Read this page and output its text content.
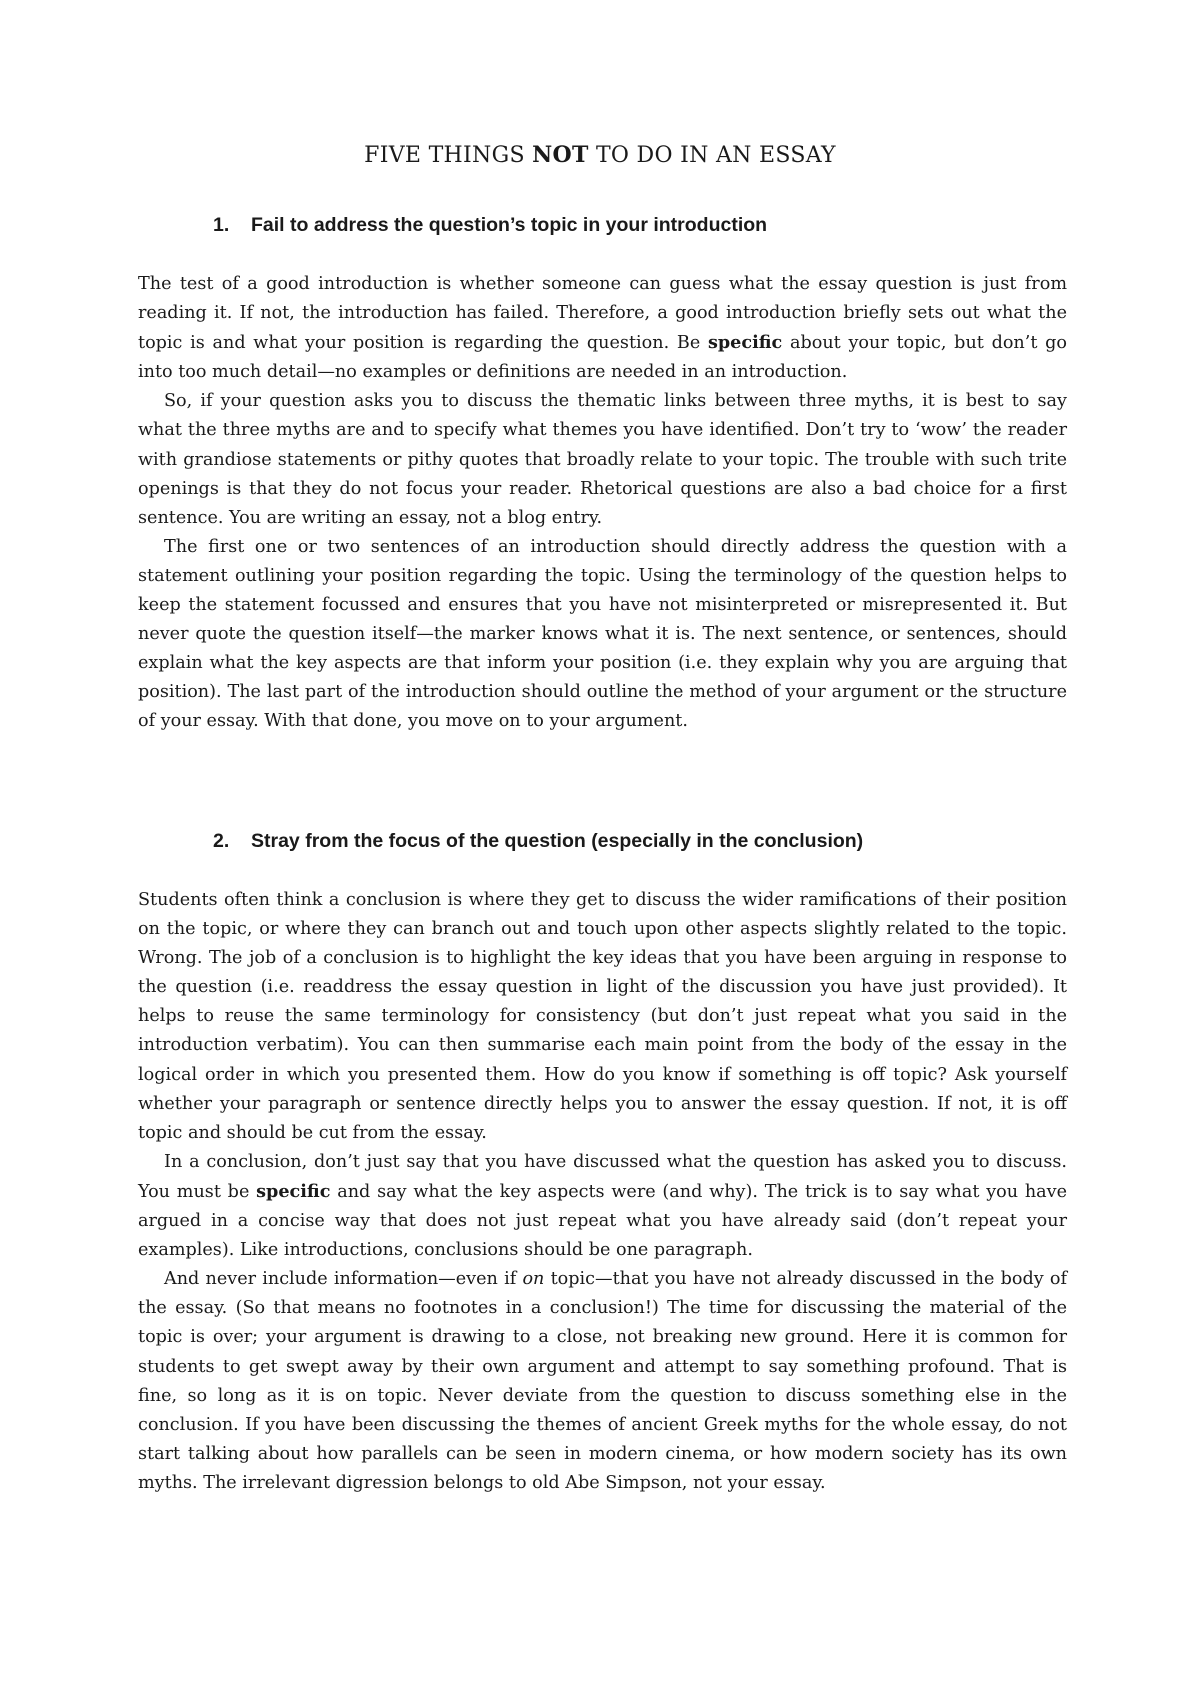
FIVE THINGS NOT TO DO IN AN ESSAY
1. Fail to address the question’s topic in your introduction

The test of a good introduction is whether someone can guess what the essay question is just from reading it. If not, the introduction has failed. Therefore, a good introduction briefly sets out what the topic is and what your position is regarding the question. Be specific about your topic, but don’t go into too much detail—no examples or definitions are needed in an introduction.

So, if your question asks you to discuss the thematic links between three myths, it is best to say what the three myths are and to specify what themes you have identified. Don’t try to ‘wow’ the reader with grandiose statements or pithy quotes that broadly relate to your topic. The trouble with such trite openings is that they do not focus your reader. Rhetorical questions are also a bad choice for a first sentence. You are writing an essay, not a blog entry.

The first one or two sentences of an introduction should directly address the question with a statement outlining your position regarding the topic. Using the terminology of the question helps to keep the statement focussed and ensures that you have not misinterpreted or misrepresented it. But never quote the question itself—the marker knows what it is. The next sentence, or sentences, should explain what the key aspects are that inform your position (i.e. they explain why you are arguing that position). The last part of the introduction should outline the method of your argument or the structure of your essay. With that done, you move on to your argument.

2. Stray from the focus of the question (especially in the conclusion)

Students often think a conclusion is where they get to discuss the wider ramifications of their position on the topic, or where they can branch out and touch upon other aspects slightly related to the topic. Wrong. The job of a conclusion is to highlight the key ideas that you have been arguing in response to the question (i.e. readdress the essay question in light of the discussion you have just provided). It helps to reuse the same terminology for consistency (but don’t just repeat what you said in the introduction verbatim). You can then summarise each main point from the body of the essay in the logical order in which you presented them. How do you know if something is off topic? Ask yourself whether your paragraph or sentence directly helps you to answer the essay question. If not, it is off topic and should be cut from the essay.

In a conclusion, don’t just say that you have discussed what the question has asked you to discuss. You must be specific and say what the key aspects were (and why). The trick is to say what you have argued in a concise way that does not just repeat what you have already said (don’t repeat your examples). Like introductions, conclusions should be one paragraph.

And never include information—even if on topic—that you have not already discussed in the body of the essay. (So that means no footnotes in a conclusion!) The time for discussing the material of the topic is over; your argument is drawing to a close, not breaking new ground. Here it is common for students to get swept away by their own argument and attempt to say something profound. That is fine, so long as it is on topic. Never deviate from the question to discuss something else in the conclusion. If you have been discussing the themes of ancient Greek myths for the whole essay, do not start talking about how parallels can be seen in modern cinema, or how modern society has its own myths. The irrelevant digression belongs to old Abe Simpson, not your essay.
